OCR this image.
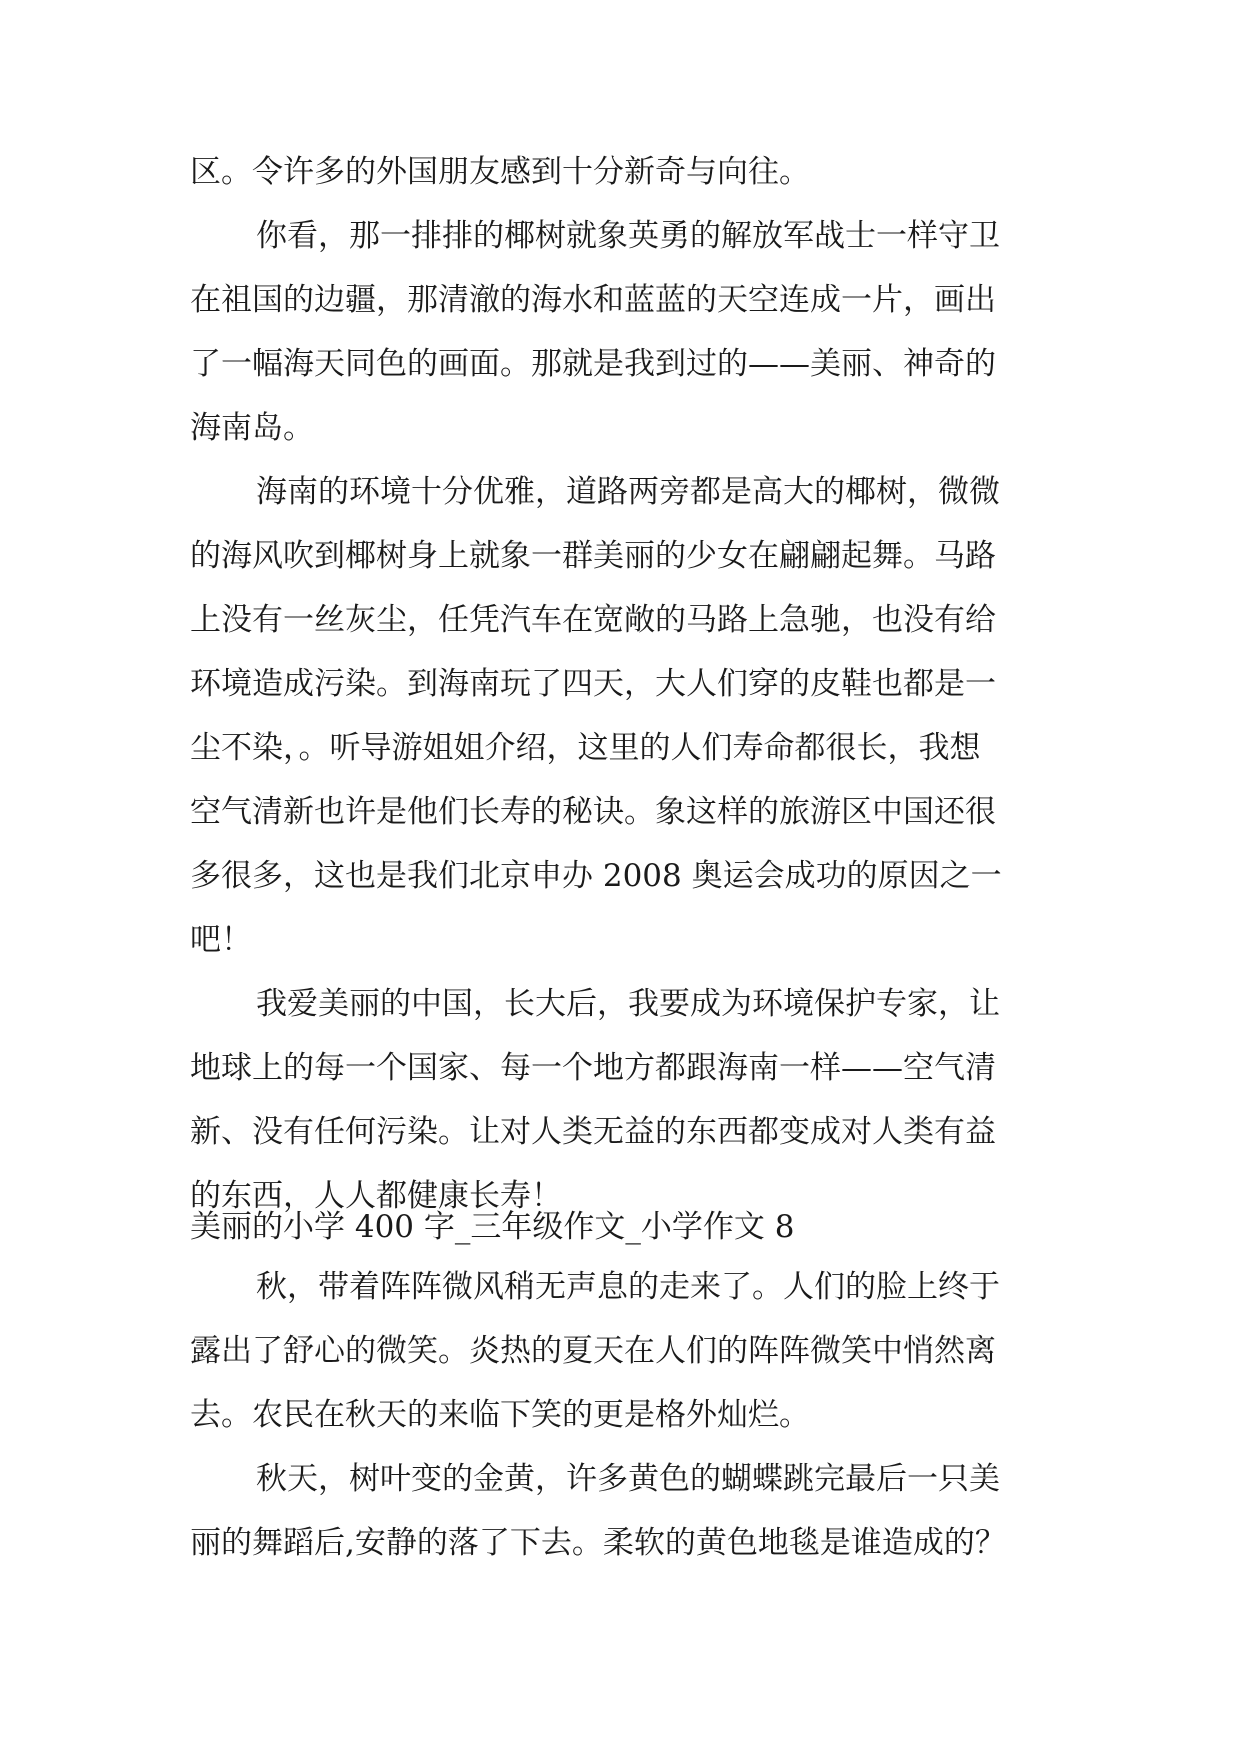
区。令许多的外国朋友感到十分新奇与向往。
你看，那一排排的椰树就象英勇的解放军战士一样守卫
在祖国的边疆，那清澈的海水和蓝蓝的天空连成一片，画出
了一幅海天同色的画面。那就是我到过的——美丽、神奇的
海南岛。
海南的环境十分优雅，道路两旁都是高大的椰树，微微
的海风吹到椰树身上就象一群美丽的少女在翩翩起舞。马路
上没有一丝灰尘，任凭汽车在宽敞的马路上急驰，也没有给
环境造成污染。到海南玩了四天，大人们穿的皮鞋也都是一
尘不染，。听导游姐姐介绍，这里的人们寿命都很长，我想
空气清新也许是他们长寿的秘诀。象这样的旅游区中国还很
多很多，这也是我们北京申办 2008 奥运会成功的原因之一
吧！
我爱美丽的中国，长大后，我要成为环境保护专家，让
地球上的每一个国家、每一个地方都跟海南一样——空气清
新、没有任何污染。让对人类无益的东西都变成对人类有益
的东西，人人都健康长寿！
美丽的小学 400 字_三年级作文_小学作文 8
秋，带着阵阵微风稍无声息的走来了。人们的脸上终于
露出了舒心的微笑。炎热的夏天在人们的阵阵微笑中悄然离
去。农民在秋天的来临下笑的更是格外灿烂。
秋天，树叶变的金黄，许多黄色的蝴蝶跳完最后一只美
丽的舞蹈后,安静的落了下去。柔软的黄色地毯是谁造成的？
